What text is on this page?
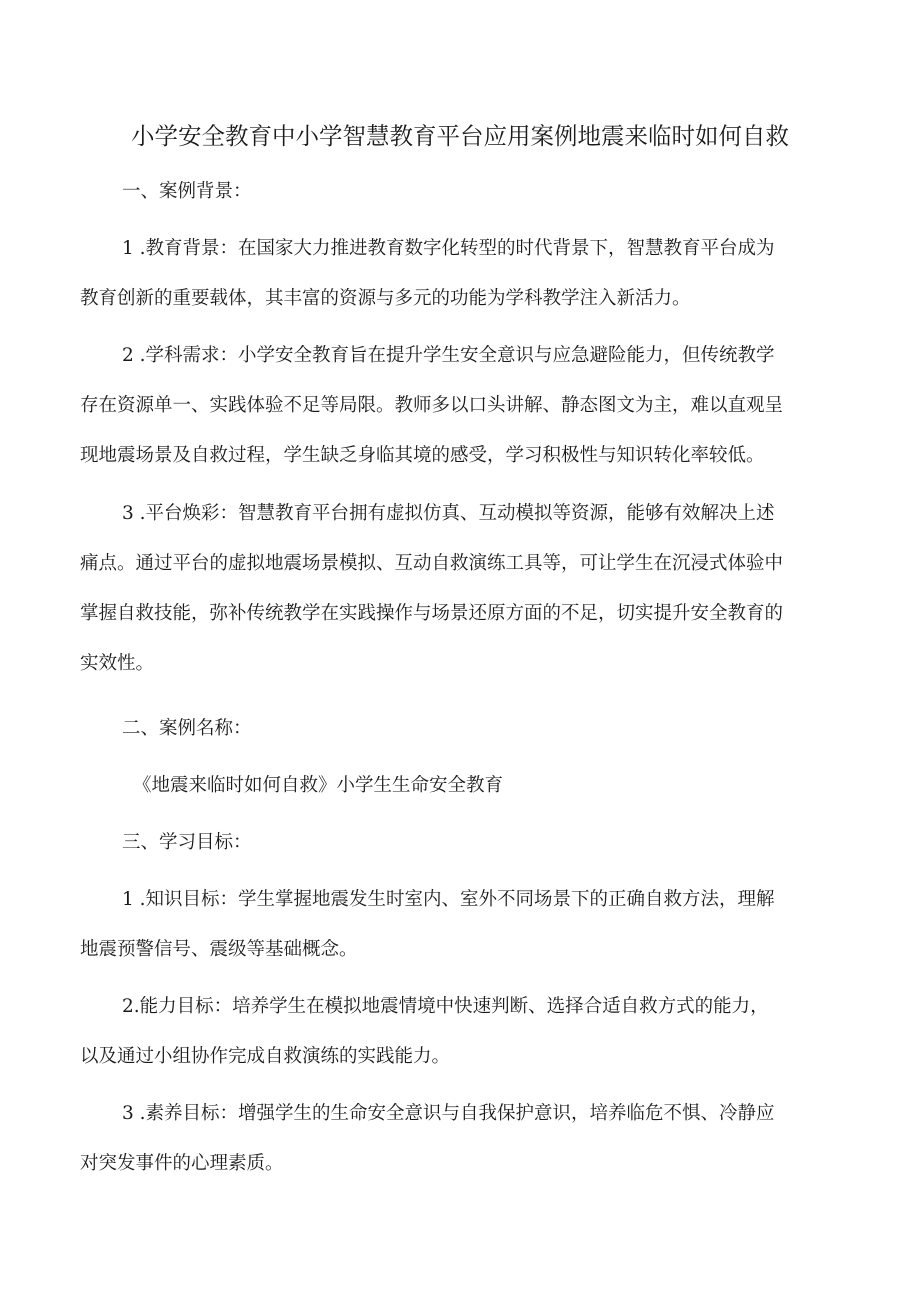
小学安全教育中小学智慧教育平台应用案例地震来临时如何自救
一、案例背景：
1 .教育背景：在国家大力推进教育数字化转型的时代背景下，智慧教育平台成为
教育创新的重要载体，其丰富的资源与多元的功能为学科教学注入新活力。
2 .学科需求：小学安全教育旨在提升学生安全意识与应急避险能力，但传统教学
存在资源单一、实践体验不足等局限。教师多以口头讲解、静态图文为主，难以直观呈
现地震场景及自救过程，学生缺乏身临其境的感受，学习积极性与知识转化率较低。
3 .平台焕彩：智慧教育平台拥有虚拟仿真、互动模拟等资源，能够有效解决上述
痛点。通过平台的虚拟地震场景模拟、互动自救演练工具等，可让学生在沉浸式体验中
掌握自救技能，弥补传统教学在实践操作与场景还原方面的不足，切实提升安全教育的
实效性。
二、案例名称：
《地震来临时如何自救》小学生生命安全教育
三、学习目标：
1 .知识目标：学生掌握地震发生时室内、室外不同场景下的正确自救方法，理解
地震预警信号、震级等基础概念。
2.能力目标：培养学生在模拟地震情境中快速判断、选择合适自救方式的能力，
以及通过小组协作完成自救演练的实践能力。
3 .素养目标：增强学生的生命安全意识与自我保护意识，培养临危不惧、冷静应
对突发事件的心理素质。
